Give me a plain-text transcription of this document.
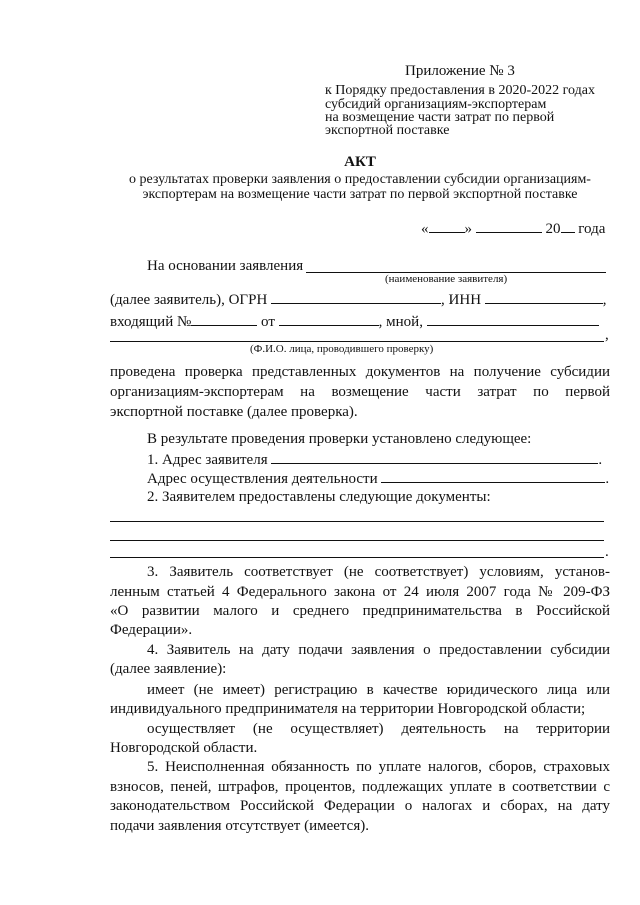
Приложение № 3
к Порядку предоставления в 2020-2022 годах
субсидий организациям-экспортерам
на возмещение части затрат по первой
экспортной поставке
АКТ
о результатах проверки заявления о предоставлении субсидии организациям-
экспортерам на возмещение части затрат по первой экспортной поставке
« »	20 года
На основании заявления
(наименование заявителя)
(далее заявитель), ОГРН	, ИНН	,
входящий №	от	, мной,
,
(Ф.И.О. лица, проводившего проверку)
проведена проверка представленных документов на получение субсидии
организациям-экспортерам на возмещение части затрат по первой
экспортной поставке (далее проверка).
В результате проведения проверки установлено следующее:
1. Адрес заявителя	.
Адрес осуществления деятельности	.
2. Заявителем предоставлены следующие документы:
.
3. Заявитель соответствует (не соответствует) условиям, установ-
ленным статьей 4 Федерального закона от 24 июля 2007 года № 209-ФЗ
«О развитии малого и среднего предпринимательства в Российской
Федерации».
4. Заявитель на дату подачи заявления о предоставлении субсидии
(далее заявление):
имеет (не имеет) регистрацию в качестве юридического лица или
индивидуального предпринимателя на территории Новгородской области;
осуществляет (не осуществляет) деятельность на территории
Новгородской области.
5. Неисполненная обязанность по уплате налогов, сборов, страховых
взносов, пеней, штрафов, процентов, подлежащих уплате в соответствии с
законодательством Российской Федерации о налогах и сборах, на дату
подачи заявления отсутствует (имеется).
